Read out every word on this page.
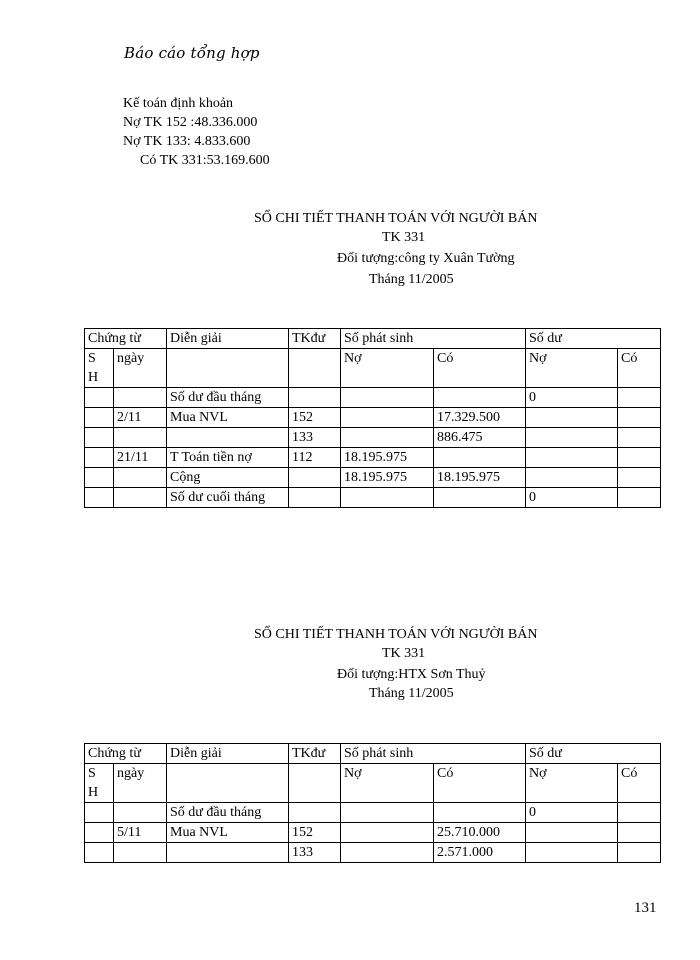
Báo cáo tổng hợp
Kế toán định khoản
Nợ TK 152 :48.336.000
Nợ TK 133: 4.833.600
Có TK 331:53.169.600
SỔ CHI TIẾT THANH TOÁN VỚI NGƯỜI BÁN
TK 331
Đối tượng:công ty Xuân Tường
Tháng 11/2005
Chứng từ		Diễn giải	TKđư	Số phát sinh		Số dư	
S H	ngày			Nợ	Có	Nợ	Có
		Số dư đầu tháng				0	
	2/11	Mua NVL	152		17.329.500		
			133		886.475		
	21/11	T Toán tiền nợ	112	18.195.975			
		Cộng		18.195.975	18.195.975		
		Số dư cuối tháng				0	
SỔ CHI TIẾT THANH TOÁN VỚI NGƯỜI BÁN
TK 331
Đối tượng:HTX Sơn Thuỷ
Tháng 11/2005
Chứng từ		Diễn giải	TKđư	Số phát sinh		Số dư	
S H	ngày			Nợ	Có	Nợ	Có
		Số dư đầu tháng				0	
	5/11	Mua NVL	152		25.710.000		
			133		2.571.000		
131
